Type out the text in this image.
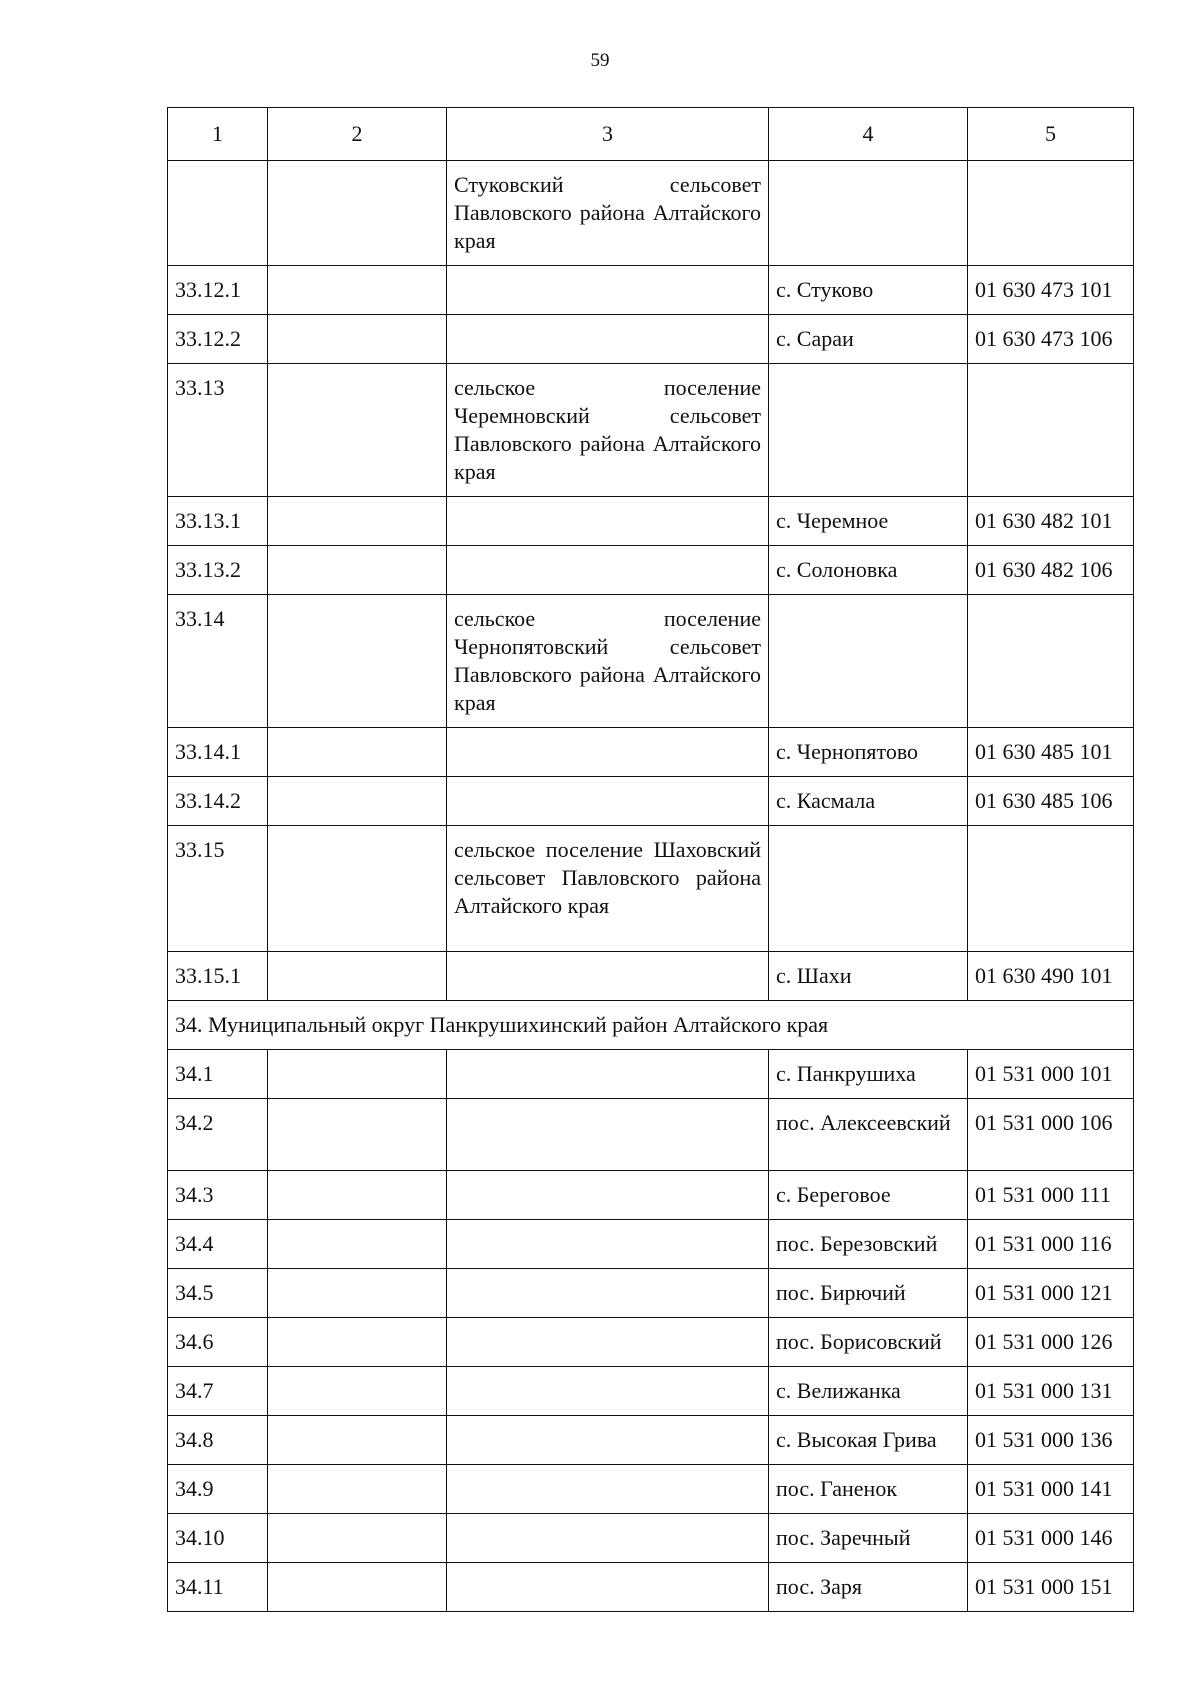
59
1	2	3	4	5
		Стуковский сельсовет Павловского района Алтайского края		
33.12.1			с. Стуково	01 630 473 101
33.12.2			с. Сараи	01 630 473 106
33.13		сельское поселение Черемновский сельсовет Павловского района Алтайского края		
33.13.1			с. Черемное	01 630 482 101
33.13.2			с. Солоновка	01 630 482 106
33.14		сельское поселение Чернопятовский сельсовет Павловского района Алтайского края		
33.14.1			с. Чернопятово	01 630 485 101
33.14.2			с. Касмала	01 630 485 106
33.15		сельское поселение Шаховский сельсовет Павловского района Алтайского края		
33.15.1			с. Шахи	01 630 490 101
34. Муниципальный округ Панкрушихинский район Алтайского края				
34.1			с. Панкрушиха	01 531 000 101
34.2			пос. Алексеевский	01 531 000 106
34.3			с. Береговое	01 531 000 111
34.4			пос. Березовский	01 531 000 116
34.5			пос. Бирючий	01 531 000 121
34.6			пос. Борисовский	01 531 000 126
34.7			с. Велижанка	01 531 000 131
34.8			с. Высокая Грива	01 531 000 136
34.9			пос. Ганенок	01 531 000 141
34.10			пос. Заречный	01 531 000 146
34.11			пос. Заря	01 531 000 151
